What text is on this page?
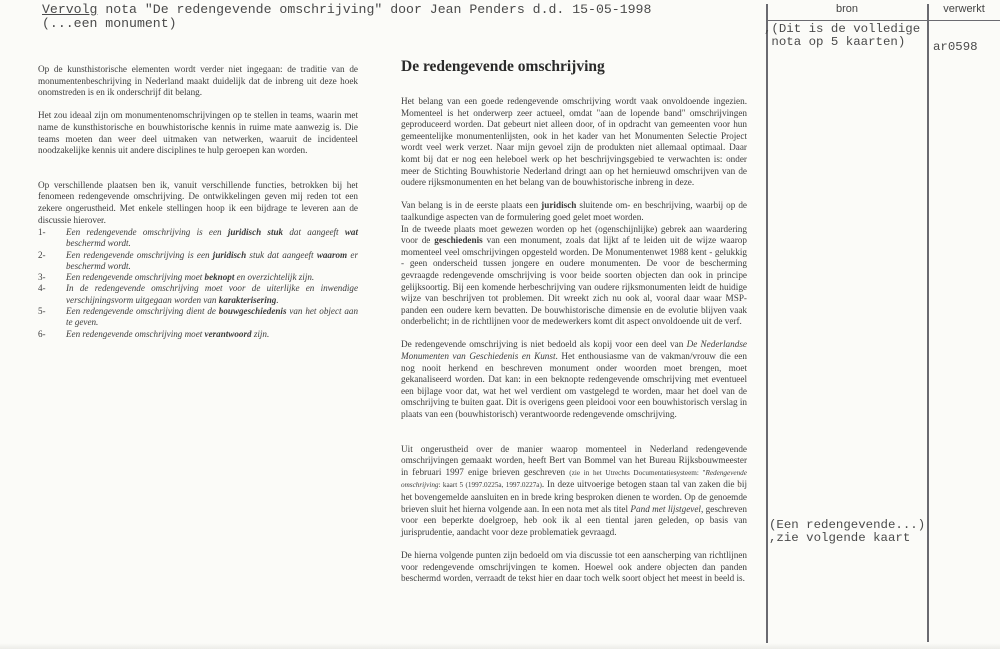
Vervolg nota "De redengevende omschrijving" door Jean Penders d.d. 15-05-1998
(...een monument)
bron	verwerkt
,(Dit is de volledige
nota op 5 kaarten)	ar0598
(Een redengevende...)
,zie volgende kaart

Op de kunsthistorische elementen wordt verder niet ingegaan: de traditie van de monumentenbeschrijving in Nederland maakt duidelijk dat de inbreng uit deze hoek onomstreden is en ik onderschrijf dit belang.

Het zou ideaal zijn om monumentenomschrijvingen op te stellen in teams, waarin met name de kunsthistorische en bouwhistorische kennis in ruime mate aanwezig is. Die teams moeten dan weer deel uitmaken van netwerken, waaruit de incidenteel noodzakelijke kennis uit andere disciplines te hulp geroepen kan worden.

Op verschillende plaatsen ben ik, vanuit verschillende functies, betrokken bij het fenomeen redengevende omschrijving. De ontwikkelingen geven mij reden tot een zekere ongerustheid. Met enkele stellingen hoop ik een bijdrage te leveren aan de discussie hierover.

1-	Een redengevende omschrijving is een juridisch stuk dat aangeeft wat beschermd wordt.
2-	Een redengevende omschrijving is een juridisch stuk dat aangeeft waarom er beschermd wordt.
3-	Een redengevende omschrijving moet beknopt en overzichtelijk zijn.
4-	In de redengevende omschrijving moet voor de uiterlijke en inwendige verschijningsvorm uitgegaan worden van karakterisering.
5-	Een redengevende omschrijving dient de bouwgeschiedenis van het object aan te geven.
6-	Een redengevende omschrijving moet verantwoord zijn.
De redengevende omschrijving

Het belang van een goede redengevende omschrijving wordt vaak onvoldoende ingezien. Momenteel is het onderwerp zeer actueel, omdat "aan de lopende band" omschrijvingen geproduceerd worden. Dat gebeurt niet alleen door, of in opdracht van gemeenten voor hun gemeentelijke monumentenlijsten, ook in het kader van het Monumenten Selectie Project wordt veel werk verzet. Naar mijn gevoel zijn de produkten niet allemaal optimaal. Daar komt bij dat er nog een heleboel werk op het beschrijvingsgebied te verwachten is: onder meer de Stichting Bouwhistorie Nederland dringt aan op het hernieuwd omschrijven van de oudere rijksmonumenten en het belang van de bouwhistorische inbreng in deze.

Van belang is in de eerste plaats een juridisch sluitende om- en beschrijving, waarbij op de taalkundige aspecten van de formulering goed gelet moet worden.
In de tweede plaats moet gewezen worden op het (ogenschijnlijke) gebrek aan waardering voor de geschiedenis van een monument, zoals dat lijkt af te leiden uit de wijze waarop momenteel veel omschrijvingen opgesteld worden. De Monumentenwet 1988 kent - gelukkig - geen onderscheid tussen jongere en oudere monumenten. De voor de bescherming gevraagde redengevende omschrijving is voor beide soorten objecten dan ook in principe gelijksoortig. Bij een komende herbeschrijving van oudere rijksmonumenten leidt de huidige wijze van beschrijven tot problemen. Dit wreekt zich nu ook al, vooral daar waar MSP-panden een oudere kern bevatten. De bouwhistorische dimensie en de evolutie blijven vaak onderbelicht; in de richtlijnen voor de medewerkers komt dit aspect onvoldoende uit de verf.

De redengevende omschrijving is niet bedoeld als kopij voor een deel van De Nederlandse Monumenten van Geschiedenis en Kunst. Het enthousiasme van de vakman/vrouw die een nog nooit herkend en beschreven monument onder woorden moet brengen, moet gekanaliseerd worden. Dat kan: in een beknopte redengevende omschrijving met eventueel een bijlage voor dat, wat het wel verdient om vastgelegd te worden, maar het doel van de omschrijving te buiten gaat. Dit is overigens geen pleidooi voor een bouwhistorisch verslag in plaats van een (bouwhistorisch) verantwoorde redengevende omschrijving.

Uit ongerustheid over de manier waarop momenteel in Nederland redengevende omschrijvingen gemaakt worden, heeft Bert van Bommel van het Bureau Rijksbouwmeester in februari 1997 enige brieven geschreven (zie in het Utrechts Documentatiesysteem: "Redengevende omschrijving: kaart 5 (1997.0225a, 1997.0227a). In deze uitvoerige betogen staan tal van zaken die bij het bovengemelde aansluiten en in brede kring besproken dienen te worden. Op de genoemde brieven sluit het hierna volgende aan. In een nota met als titel Pand met lijstgevel, geschreven voor een beperkte doelgroep, heb ook ik al een tiental jaren geleden, op basis van jurisprudentie, aandacht voor deze problematiek gevraagd.

De hierna volgende punten zijn bedoeld om via discussie tot een aanscherping van richtlijnen voor redengevende omschrijvingen te komen. Hoewel ook andere objecten dan panden beschermd worden, verraadt de tekst hier en daar toch welk soort object het meest in beeld is.
